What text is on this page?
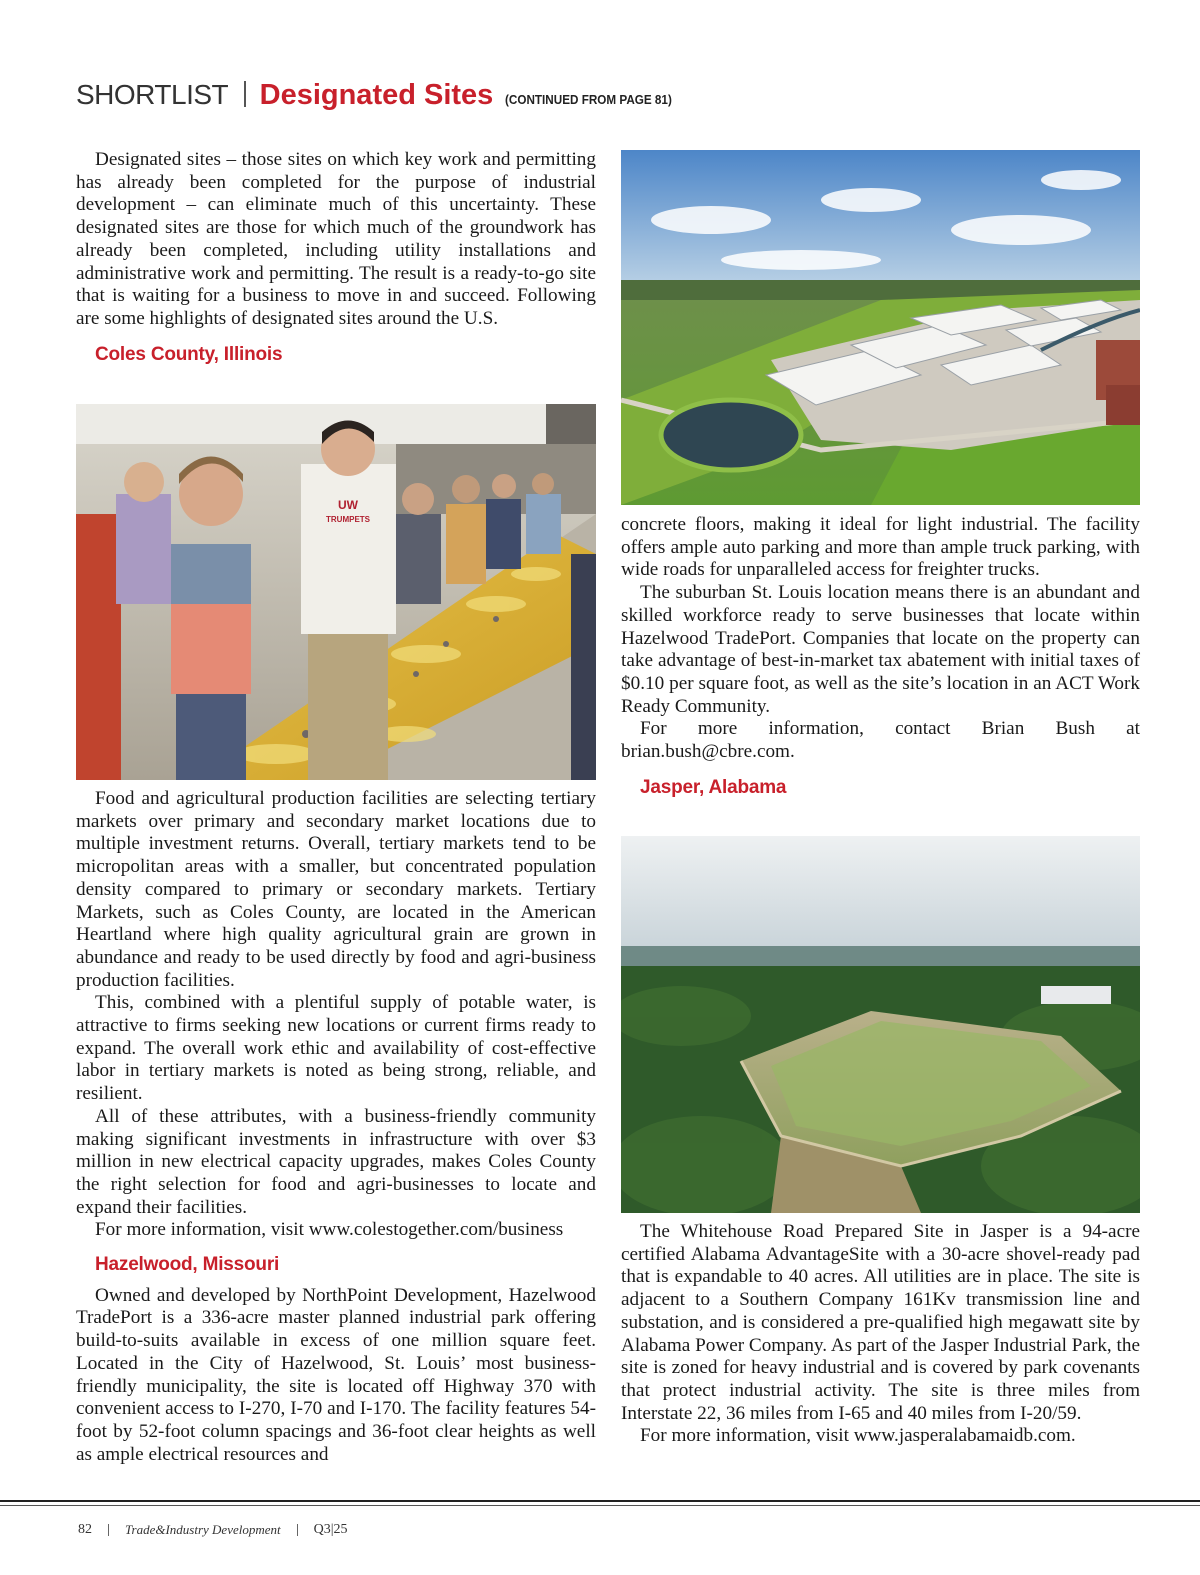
SHORTLIST Designated Sites (CONTINUED FROM PAGE 81)

Designated sites – those sites on which key work and permitting has already been completed for the purpose of industrial development – can eliminate much of this uncertainty. These designated sites are those for which much of the groundwork has already been completed, including utility installations and administrative work and permitting. The result is a ready-to-go site that is waiting for a business to move in and succeed. Following are some highlights of designated sites around the U.S.

Coles County, Illinois

UW
TRUMPETS

Food and agricultural production facilities are selecting tertiary markets over primary and secondary market locations due to multiple investment returns. Overall, tertiary markets tend to be micropolitan areas with a smaller, but concentrated population density compared to primary or secondary markets. Tertiary Markets, such as Coles County, are located in the American Heartland where high quality agricultural grain are grown in abundance and ready to be used directly by food and agri-business production facilities.

This, combined with a plentiful supply of potable water, is attractive to firms seeking new locations or current firms ready to expand. The overall work ethic and availability of cost-effective labor in tertiary markets is noted as being strong, reliable, and resilient.

All of these attributes, with a business-friendly community making significant investments in infrastructure with over $3 million in new electrical capacity upgrades, makes Coles County the right selection for food and agri-businesses to locate and expand their facilities.

For more information, visit www.colestogether.com/business

Hazelwood, Missouri

Owned and developed by NorthPoint Development, Hazelwood TradePort is a 336-acre master planned industrial park offering build-to-suits available in excess of one million square feet. Located in the City of Hazelwood, St. Louis’ most business-friendly municipality, the site is located off Highway 370 with convenient access to I-270, I-70 and I-170. The facility features 54-foot by 52-foot column spacings and 36-foot clear heights as well as ample electrical resources and

concrete floors, making it ideal for light industrial. The facility offers ample auto parking and more than ample truck parking, with wide roads for unparalleled access for freighter trucks.

The suburban St. Louis location means there is an abundant and skilled workforce ready to serve businesses that locate within Hazelwood TradePort. Companies that locate on the property can take advantage of best-in-market tax abatement with initial taxes of $0.10 per square foot, as well as the site’s location in an ACT Work Ready Community.

For more information, contact Brian Bush at brian.bush@cbre.com.

Jasper, Alabama

The Whitehouse Road Prepared Site in Jasper is a 94-acre certified Alabama AdvantageSite with a 30-acre shovel-ready pad that is expandable to 40 acres. All utilities are in place. The site is adjacent to a Southern Company 161Kv transmission line and substation, and is considered a pre-qualified high megawatt site by Alabama Power Company. As part of the Jasper Industrial Park, the site is zoned for heavy industrial and is covered by park covenants that protect industrial activity. The site is three miles from Interstate 22, 36 miles from I-65 and 40 miles from I-20/59.

For more information, visit www.jasperalabamaidb.com.

82	Trade&Industry Development Q3|25
